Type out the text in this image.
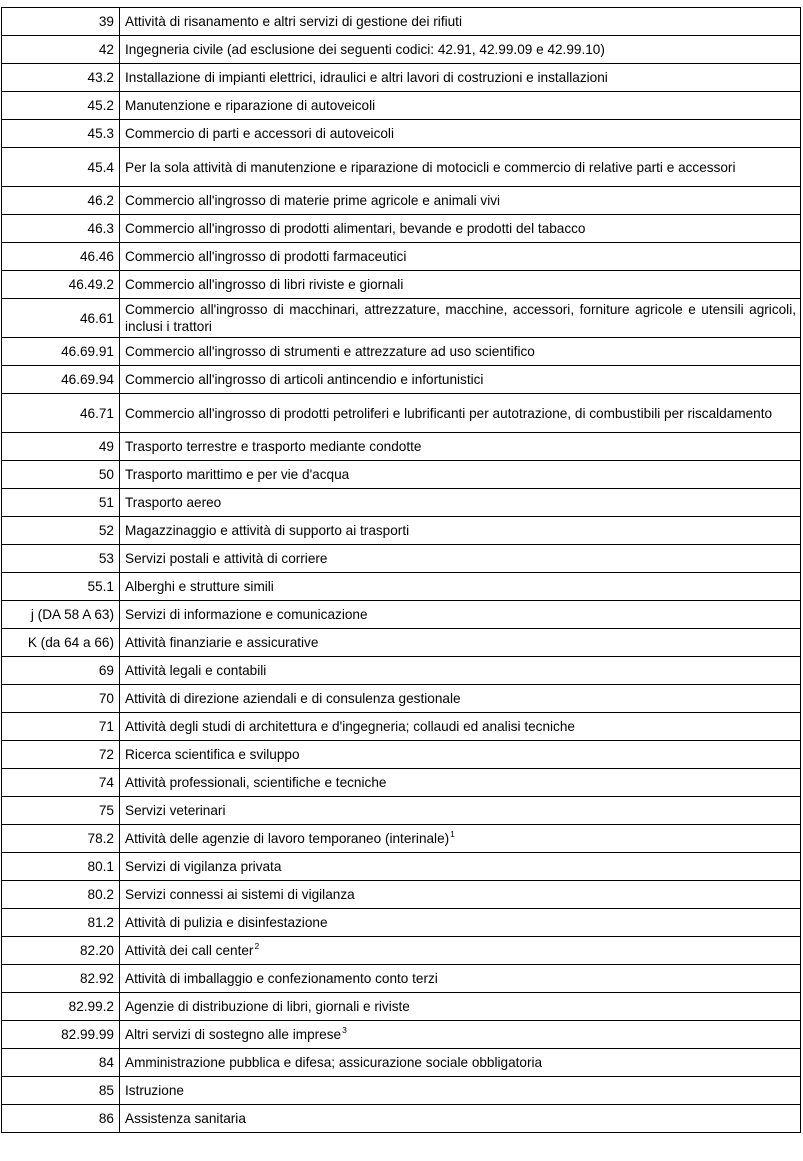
39	Attività di risanamento e altri servizi di gestione dei rifiuti
42	Ingegneria civile (ad esclusione dei seguenti codici: 42.91, 42.99.09 e 42.99.10)
43.2	Installazione di impianti elettrici, idraulici e altri lavori di costruzioni e installazioni
45.2	Manutenzione e riparazione di autoveicoli
45.3	Commercio di parti e accessori di autoveicoli
45.4	Per la sola attività di manutenzione e riparazione di motocicli e commercio di relative parti e accessori
46.2	Commercio all'ingrosso di materie prime agricole e animali vivi
46.3	Commercio all'ingrosso di prodotti alimentari, bevande e prodotti del tabacco
46.46	Commercio all'ingrosso di prodotti farmaceutici
46.49.2	Commercio all'ingrosso di libri riviste e giornali
46.61	Commercio all'ingrosso di macchinari, attrezzature, macchine, accessori, forniture agricole e utensili agricoli, inclusi i trattori
46.69.91	Commercio all'ingrosso di strumenti e attrezzature ad uso scientifico
46.69.94	Commercio all'ingrosso di articoli antincendio e infortunistici
46.71	Commercio all'ingrosso di prodotti petroliferi e lubrificanti per autotrazione, di combustibili per riscaldamento
49	Trasporto terrestre e trasporto mediante condotte
50	Trasporto marittimo e per vie d'acqua
51	Trasporto aereo
52	Magazzinaggio e attività di supporto ai trasporti
53	Servizi postali e attività di corriere
55.1	Alberghi e strutture simili
j (DA 58 A 63)	Servizi di informazione e comunicazione
K (da 64 a 66)	Attività finanziarie e assicurative
69	Attività legali e contabili
70	Attività di direzione aziendali e di consulenza gestionale
71	Attività degli studi di architettura e d'ingegneria; collaudi ed analisi tecniche
72	Ricerca scientifica e sviluppo
74	Attività professionali, scientifiche e tecniche
75	Servizi veterinari
78.2	Attività delle agenzie di lavoro temporaneo (interinale)$^1$
80.1	Servizi di vigilanza privata
80.2	Servizi connessi ai sistemi di vigilanza
81.2	Attività di pulizia e disinfestazione
82.20	Attività dei call center$^2$
82.92	Attività di imballaggio e confezionamento conto terzi
82.99.2	Agenzie di distribuzione di libri, giornali e riviste
82.99.99	Altri servizi di sostegno alle imprese$^3$
84	Amministrazione pubblica e difesa; assicurazione sociale obbligatoria
85	Istruzione
86	Assistenza sanitaria
